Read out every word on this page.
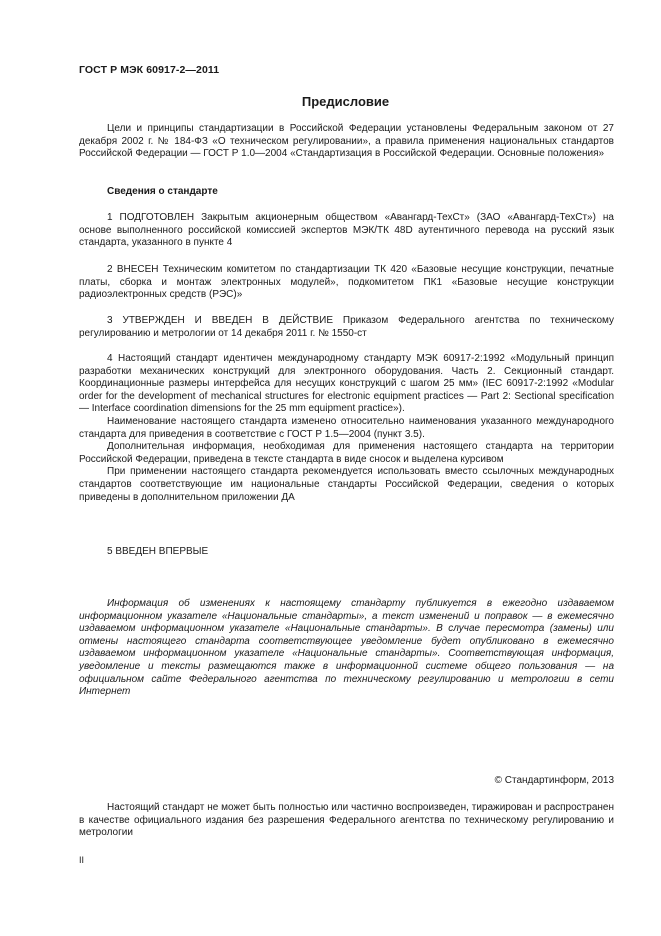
ГОСТ Р МЭК 60917-2—2011
Предисловие

Цели и принципы стандартизации в Российской Федерации установлены Федеральным законом от 27 декабря 2002 г. № 184-ФЗ «О техническом регулировании», а правила применения национальных стандартов Российской Федерации — ГОСТ Р 1.0—2004 «Стандартизация в Российской Федерации. Основные положения»

Сведения о стандарте

1 ПОДГОТОВЛЕН Закрытым акционерным обществом «Авангард-ТехСт» (ЗАО «Авангард-ТехСт») на основе выполненного российской комиссией экспертов МЭК/ТК 48D аутентичного перевода на русский язык стандарта, указанного в пункте 4

2 ВНЕСЕН Техническим комитетом по стандартизации ТК 420 «Базовые несущие конструкции, печатные платы, сборка и монтаж электронных модулей», подкомитетом ПК1 «Базовые несущие конструкции радиоэлектронных средств (РЭС)»

3 УТВЕРЖДЕН И ВВЕДЕН В ДЕЙСТВИЕ Приказом Федерального агентства по техническому регулированию и метрологии от 14 декабря 2011 г. № 1550-ст

4 Настоящий стандарт идентичен международному стандарту МЭК 60917-2:1992 «Модульный принцип разработки механических конструкций для электронного оборудования. Часть 2. Секционный стандарт. Координационные размеры интерфейса для несущих конструкций с шагом 25 мм» (IEC 60917-2:1992 «Modular order for the development of mechanical structures for electronic equipment practices — Part 2: Sectional specification — Interface coordination dimensions for the 25 mm equipment practice»).

Наименование настоящего стандарта изменено относительно наименования указанного международного стандарта для приведения в соответствие с ГОСТ Р 1.5—2004 (пункт 3.5).

Дополнительная информация, необходимая для применения настоящего стандарта на территории Российской Федерации, приведена в тексте стандарта в виде сносок и выделена курсивом

При применении настоящего стандарта рекомендуется использовать вместо ссылочных международных стандартов соответствующие им национальные стандарты Российской Федерации, сведения о которых приведены в дополнительном приложении ДА

5 ВВЕДЕН ВПЕРВЫЕ

Информация об изменениях к настоящему стандарту публикуется в ежегодно издаваемом информационном указателе «Национальные стандарты», а текст изменений и поправок — в ежемесячно издаваемом информационном указателе «Национальные стандарты». В случае пересмотра (замены) или отмены настоящего стандарта соответствующее уведомление будет опубликовано в ежемесячно издаваемом информационном указателе «Национальные стандарты». Соответствующая информация, уведомление и тексты размещаются также в информационной системе общего пользования — на официальном сайте Федерального агентства по техническому регулированию и метрологии в сети Интернет

© Стандартинформ, 2013

Настоящий стандарт не может быть полностью или частично воспроизведен, тиражирован и распространен в качестве официального издания без разрешения Федерального агентства по техническому регулированию и метрологии

II
